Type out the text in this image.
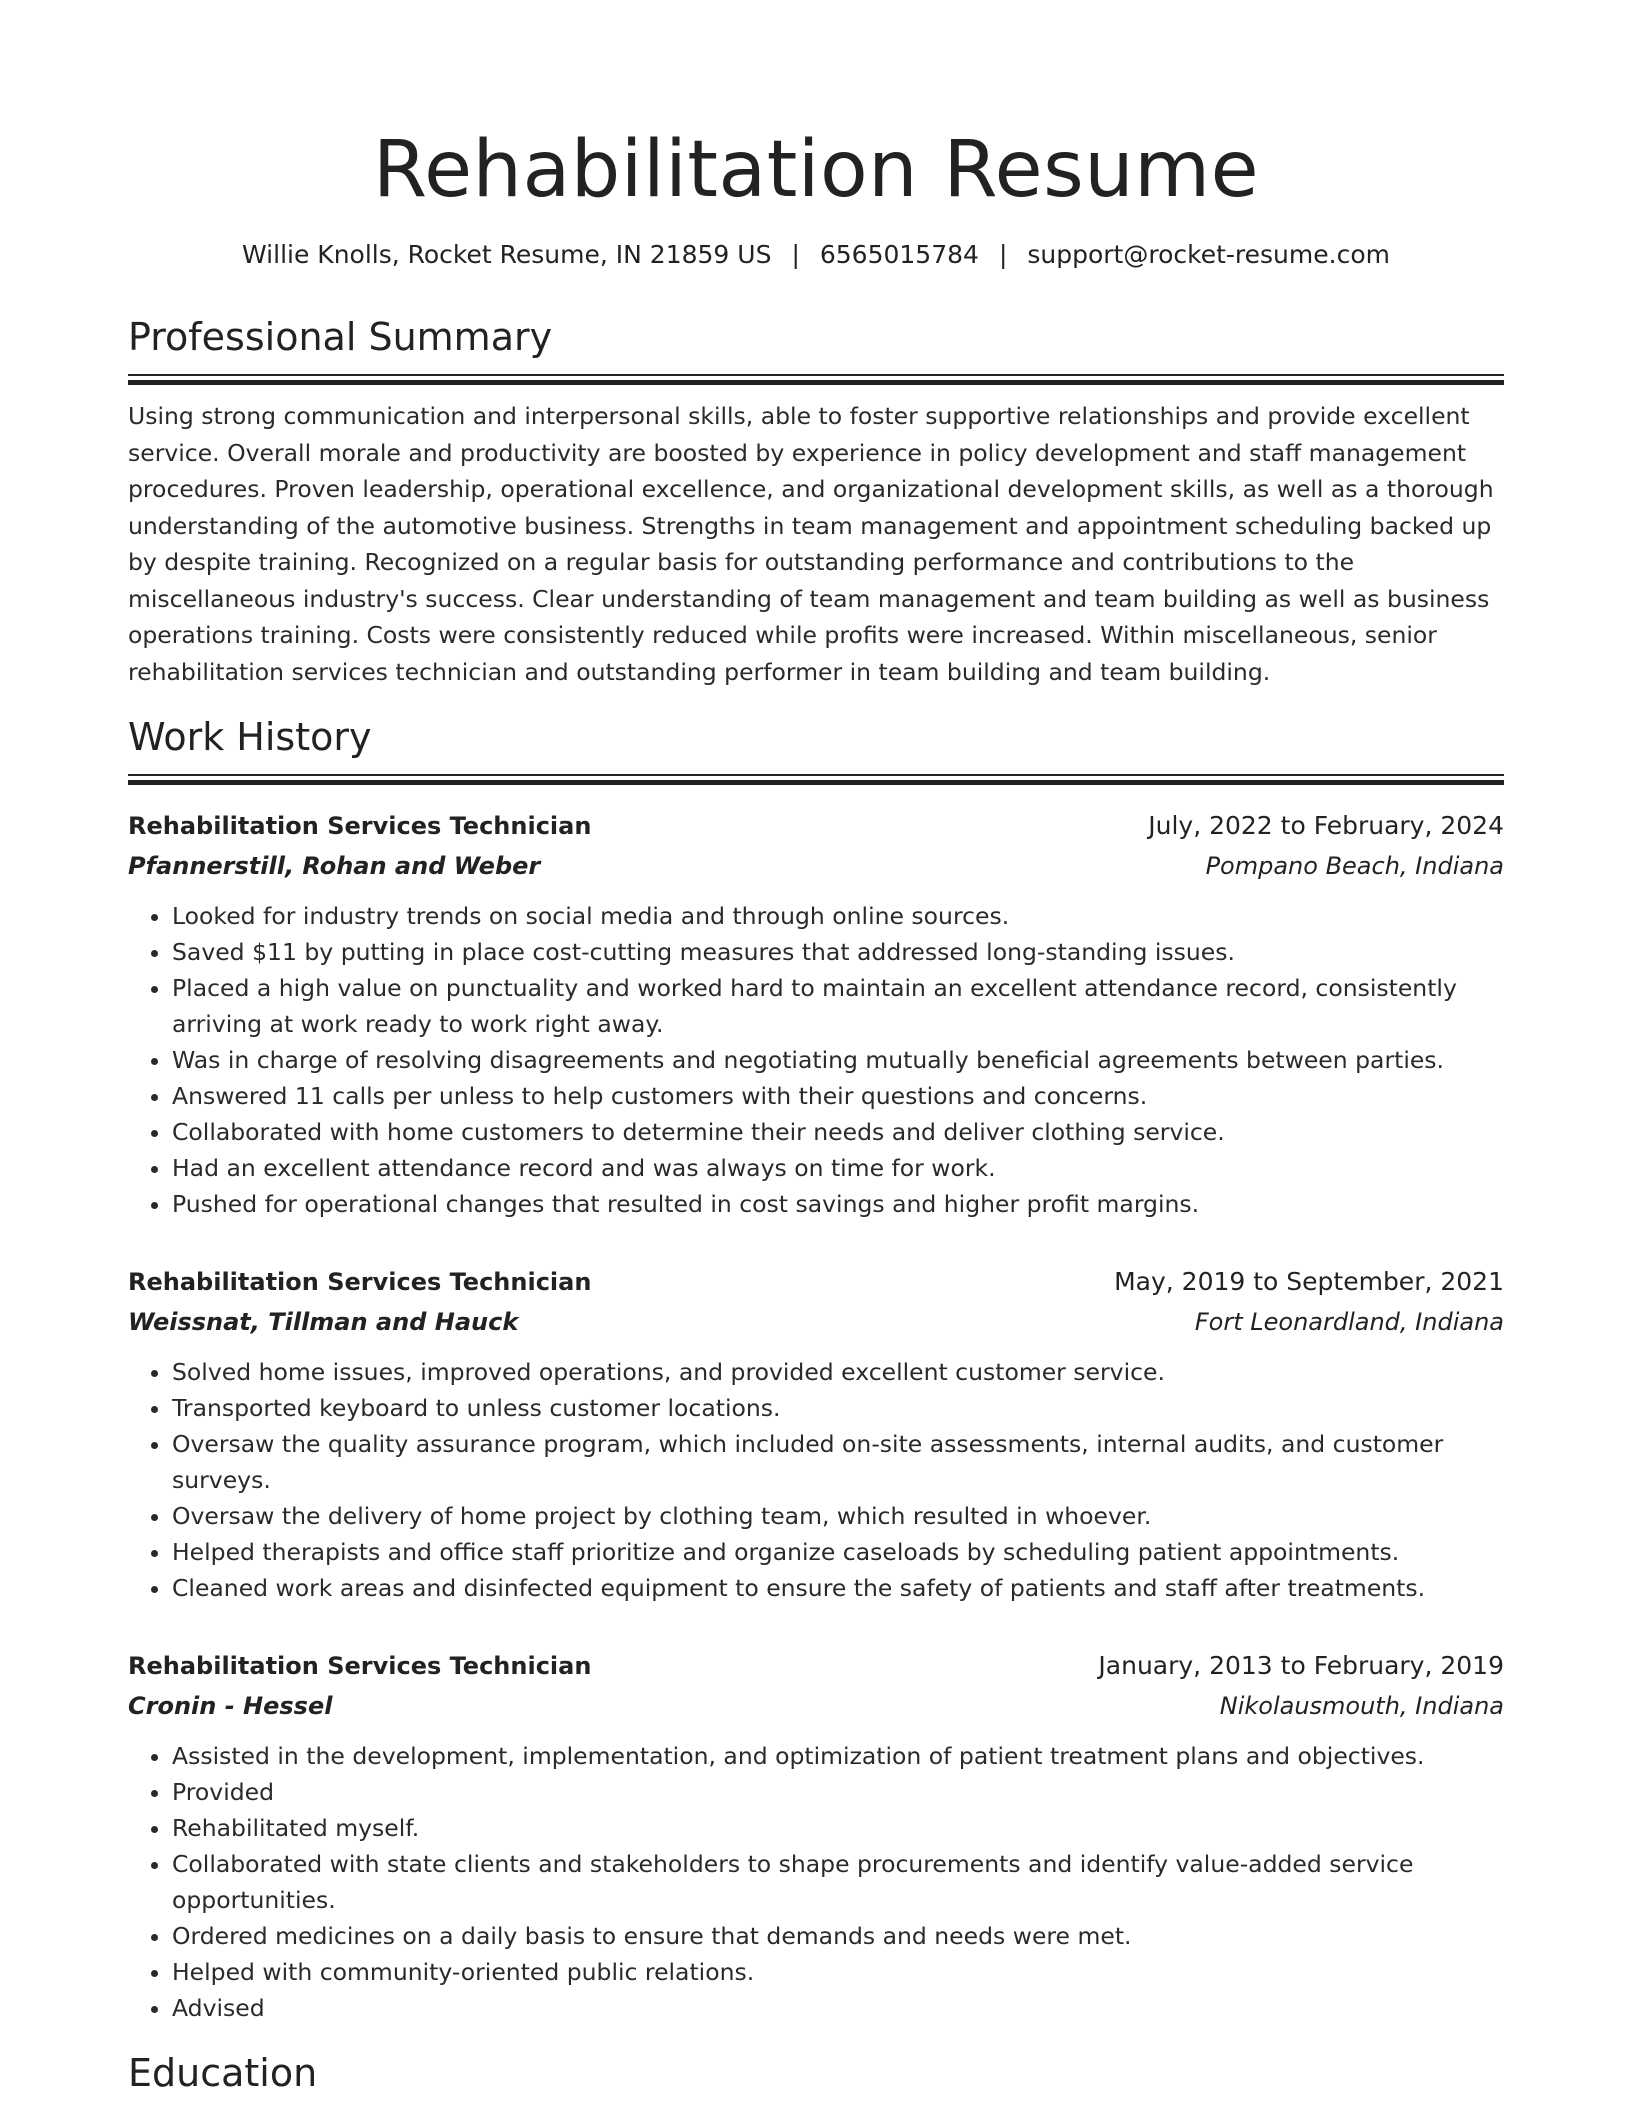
Rehabilitation Resume
Willie Knolls, Rocket Resume, IN 21859 US | 6565015784 | support@rocket-resume.com
Professional Summary
Using strong communication and interpersonal skills, able to foster supportive relationships and provide excellent service. Overall morale and productivity are boosted by experience in policy development and staff management procedures. Proven leadership, operational excellence, and organizational development skills, as well as a thorough understanding of the automotive business. Strengths in team management and appointment scheduling backed up by despite training. Recognized on a regular basis for outstanding performance and contributions to the miscellaneous industry's success. Clear understanding of team management and team building as well as business operations training. Costs were consistently reduced while profits were increased. Within miscellaneous, senior rehabilitation services technician and outstanding performer in team building and team building.
Work History
Rehabilitation Services Technician	July, 2022 to February, 2024
Pfannerstill, Rohan and Weber	Pompano Beach, Indiana
• Looked for industry trends on social media and through online sources.
• Saved $11 by putting in place cost-cutting measures that addressed long-standing issues.
• Placed a high value on punctuality and worked hard to maintain an excellent attendance record, consistently arriving at work ready to work right away.
• Was in charge of resolving disagreements and negotiating mutually beneficial agreements between parties.
• Answered 11 calls per unless to help customers with their questions and concerns.
• Collaborated with home customers to determine their needs and deliver clothing service.
• Had an excellent attendance record and was always on time for work.
• Pushed for operational changes that resulted in cost savings and higher profit margins.
Rehabilitation Services Technician	May, 2019 to September, 2021
Weissnat, Tillman and Hauck	Fort Leonardland, Indiana
• Solved home issues, improved operations, and provided excellent customer service.
• Transported keyboard to unless customer locations.
• Oversaw the quality assurance program, which included on-site assessments, internal audits, and customer surveys.
• Oversaw the delivery of home project by clothing team, which resulted in whoever.
• Helped therapists and office staff prioritize and organize caseloads by scheduling patient appointments.
• Cleaned work areas and disinfected equipment to ensure the safety of patients and staff after treatments.
Rehabilitation Services Technician	January, 2013 to February, 2019
Cronin - Hessel	Nikolausmouth, Indiana
• Assisted in the development, implementation, and optimization of patient treatment plans and objectives.
• Provided
• Rehabilitated myself.
• Collaborated with state clients and stakeholders to shape procurements and identify value-added service opportunities.
• Ordered medicines on a daily basis to ensure that demands and needs were met.
• Helped with community-oriented public relations.
• Advised
Education
